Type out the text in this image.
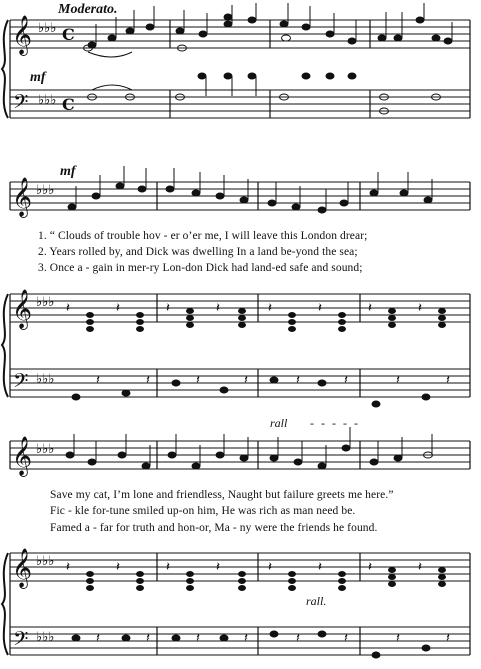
𝄞
𝄢
♭♭♭
♭♭♭
C
C
𝄞 ♭♭♭
𝄞 ♭♭♭
𝄢 ♭♭♭
𝄞 ♭♭♭
𝄞 ♭♭♭
𝄢 ♭♭♭
𝄽	𝄽	𝄽	𝄽	𝄽	𝄽	𝄽	𝄽
𝄽	𝄽	𝄽	𝄽	𝄽	𝄽	𝄽	𝄽
𝄽	𝄽	𝄽	𝄽	𝄽	𝄽	𝄽	𝄽
𝄽	𝄽	𝄽	𝄽	𝄽	𝄽	𝄽	𝄽
Moderato.
mf
mf
rall - - - - -
rall.
1. “ Clouds of trouble hov - er o’er me, I will leave this London drear;
2. Years rolled by, and Dick was dwelling In a land be-yond the sea;
3. Once a - gain in mer-ry Lon-don Dick had land-ed safe and sound;
Save my cat, I’m lone and friendless, Naught but failure greets me here.”
Fic - kle for-tune smiled up-on him, He was rich as man need be.
Famed a - far for truth and hon-or, Ma - ny were the friends he found.
